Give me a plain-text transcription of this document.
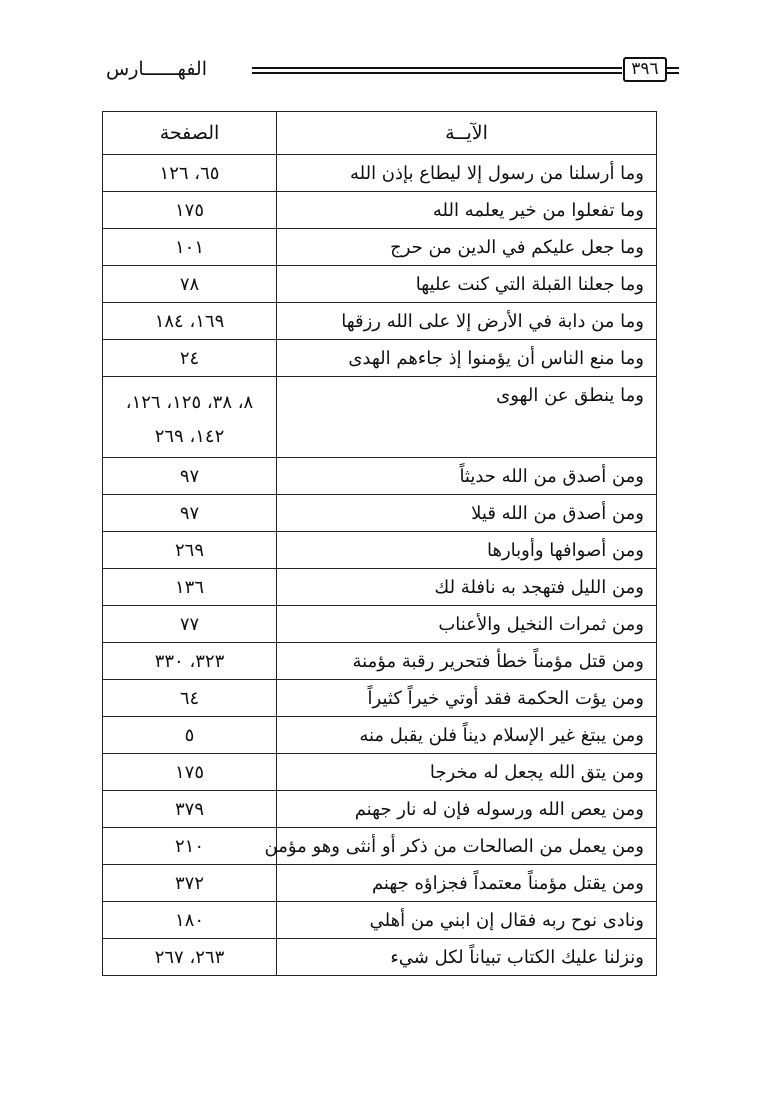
الفهــــــارس	٣٩٦
الآيــة	الصفحة
وما أرسلنا من رسول إلا ليطاع بإذن الله	٦٥، ١٢٦

وما تفعلوا من خير يعلمه الله	١٧٥

وما جعل عليكم في الدين من حرج	١٠١

وما جعلنا القبلة التي كنت عليها	٧٨

وما من دابة في الأرض إلا على الله رزقها	١٦٩، ١٨٤

وما منع الناس أن يؤمنوا إذ جاءهم الهدى	٢٤

وما ينطق عن الهوى	٨، ٣٨، ١٢٥، ١٢٦،
١٤٢، ٢٦٩

ومن أصدق من الله حديثاً	٩٧

ومن أصدق من الله قيلا	٩٧

ومن أصوافها وأوبارها	٢٦٩

ومن الليل فتهجد به نافلة لك	١٣٦

ومن ثمرات النخيل والأعناب	٧٧

ومن قتل مؤمناً خطأ فتحرير رقبة مؤمنة	٣٢٣، ٣٣٠

ومن يؤت الحكمة فقد أوتي خيراً كثيراً	٦٤

ومن يبتغ غير الإسلام ديناً فلن يقبل منه	٥

ومن يتق الله يجعل له مخرجا	١٧٥

ومن يعص الله ورسوله فإن له نار جهنم	٣٧٩

ومن يعمل من الصالحات من ذكر أو أنثى وهو مؤمن	٢١٠

ومن يقتل مؤمناً معتمداً فجزاؤه جهنم	٣٧٢

ونادى نوح ربه فقال إن ابني من أهلي	١٨٠

ونزلنا عليك الكتاب تبياناً لكل شيء	٢٦٣، ٢٦٧
